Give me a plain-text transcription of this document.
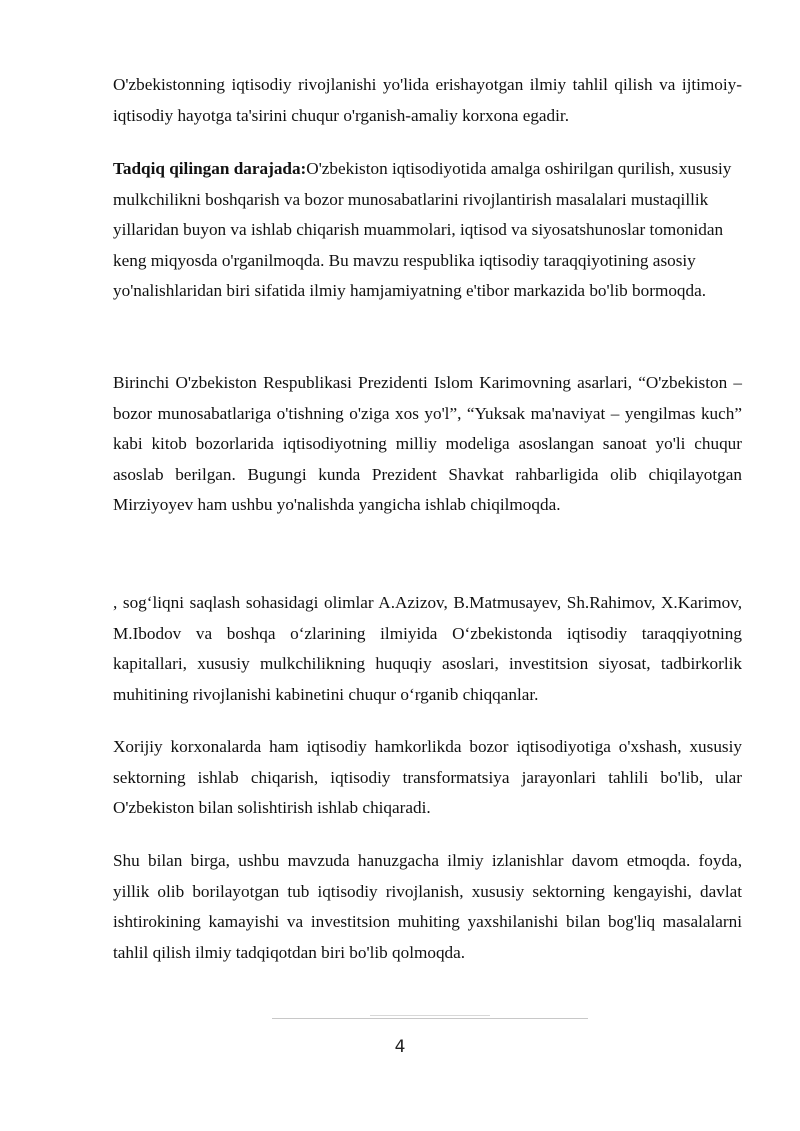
O'zbekistonning iqtisodiy rivojlanishi yo'lida erishayotgan ilmiy tahlil qilish va ijtimoiy-iqtisodiy hayotga ta'sirini chuqur o'rganish-amaliy korxona egadir.

Tadqiq qilingan darajada:O'zbekiston iqtisodiyotida amalga oshirilgan qurilish, xususiy mulkchilikni boshqarish va bozor munosabatlarini rivojlantirish masalalari mustaqillik yillaridan buyon va ishlab chiqarish muammolari, iqtisod va siyosatshunoslar tomonidan keng miqyosda o'rganilmoqda. Bu mavzu respublika iqtisodiy taraqqiyotining asosiy yo'nalishlaridan biri sifatida ilmiy hamjamiyatning e'tibor markazida bo'lib bormoqda.

Birinchi O'zbekiston Respublikasi Prezidenti Islom Karimovning asarlari, “O'zbekiston – bozor munosabatlariga o'tishning o'ziga xos yo'l”, “Yuksak ma'naviyat – yengilmas kuch” kabi kitob bozorlarida iqtisodiyotning milliy modeliga asoslangan sanoat yo'li chuqur asoslab berilgan. Bugungi kunda Prezident Shavkat rahbarligida olib chiqilayotgan Mirziyoyev ham ushbu yo'nalishda yangicha ishlab chiqilmoqda.

, sog‘liqni saqlash sohasidagi olimlar A.Azizov, B.Matmusayev, Sh.Rahimov, X.Karimov, M.Ibodov va boshqa o‘zlarining ilmiyida O‘zbekistonda iqtisodiy taraqqiyotning kapitallari, xususiy mulkchilikning huquqiy asoslari, investitsion siyosat, tadbirkorlik muhitining rivojlanishi kabinetini chuqur o‘rganib chiqqanlar.

Xorijiy korxonalarda ham iqtisodiy hamkorlikda bozor iqtisodiyotiga o'xshash, xususiy sektorning ishlab chiqarish, iqtisodiy transformatsiya jarayonlari tahlili bo'lib, ular O'zbekiston bilan solishtirish ishlab chiqaradi.

Shu bilan birga, ushbu mavzuda hanuzgacha ilmiy izlanishlar davom etmoqda. foyda, yillik olib borilayotgan tub iqtisodiy rivojlanish, xususiy sektorning kengayishi, davlat ishtirokining kamayishi va investitsion muhiting yaxshilanishi bilan bog'liq masalalarni tahlil qilish ilmiy tadqiqotdan biri bo'lib qolmoqda.

4
